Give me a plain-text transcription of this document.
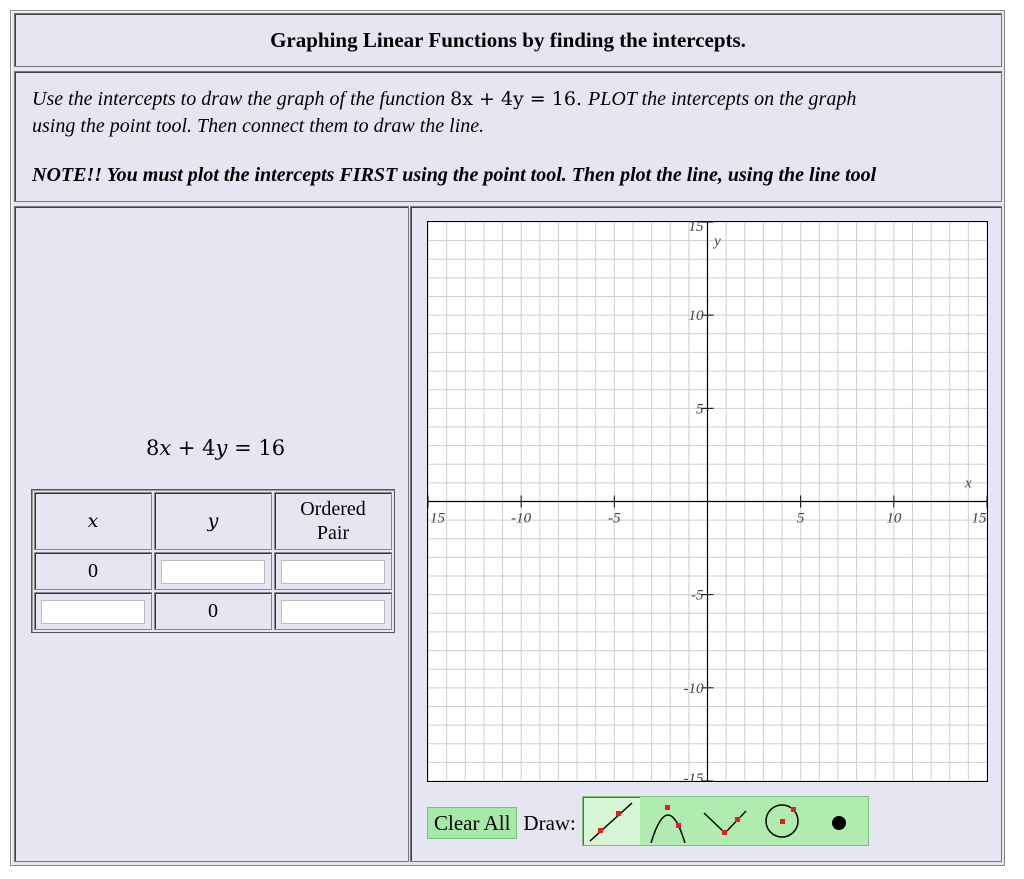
Graphing Linear Functions by finding the intercepts.
Use the intercepts to draw the graph of the function 8x + 4y = 16. PLOT the intercepts on the graph
using the point tool. Then connect them to draw the line.
NOTE!! You must plot the intercepts FIRST using the point tool. Then plot the line, using the line tool
8x + 4y = 16
x	y	Ordered
Pair
0		
	0	
15	-10	-5	5	10	15
15
10
5
-5
-10
-15
x
y
Clear All Draw:
